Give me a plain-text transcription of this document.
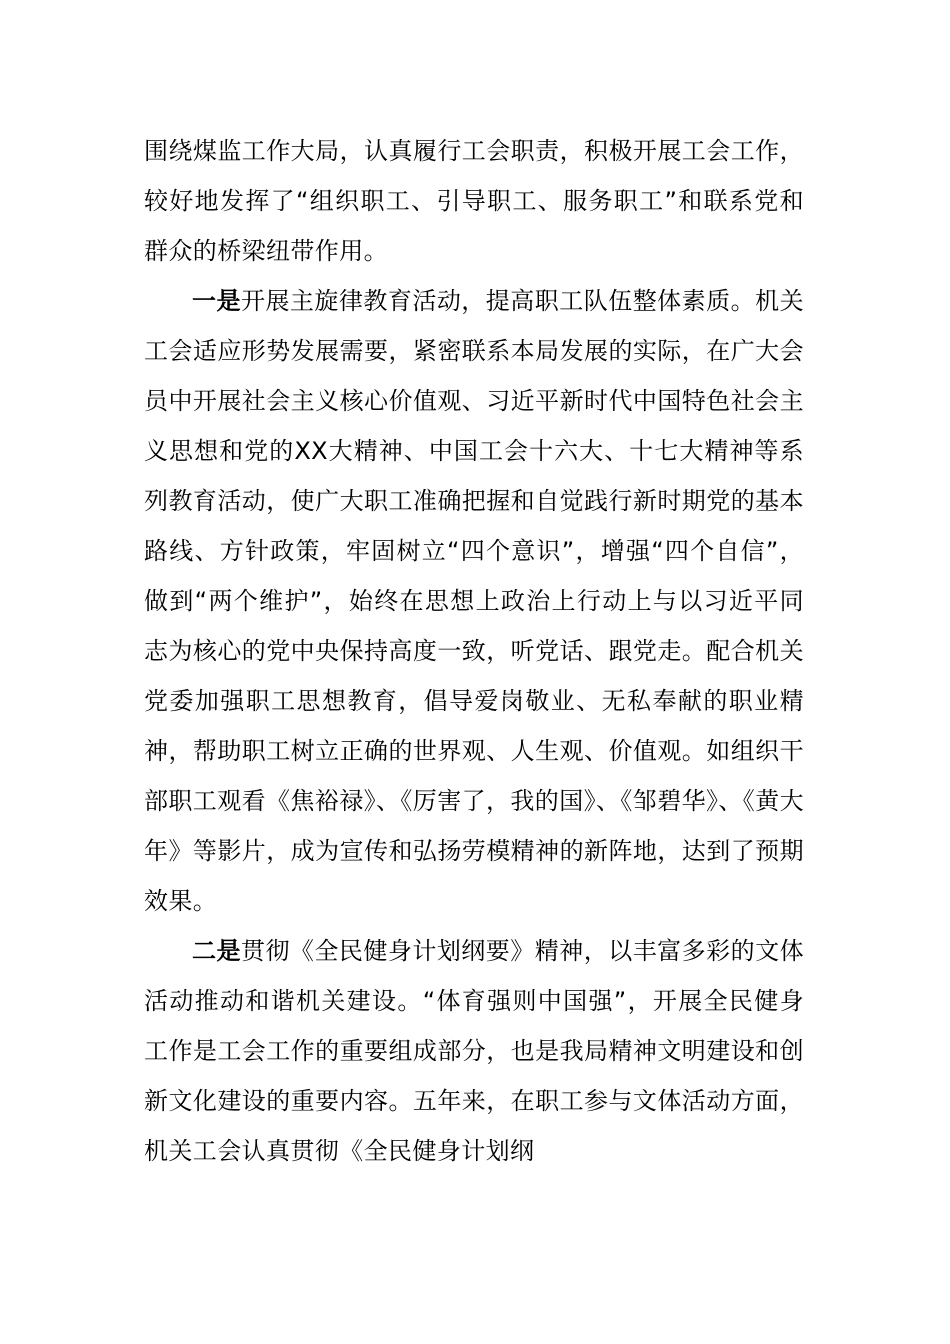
围绕煤监工作大局，认真履行工会职责，积极开展工会工作，较好地发挥了“组织职工、引导职工、服务职工”和联系党和群众的桥梁纽带作用。

一是开展主旋律教育活动，提高职工队伍整体素质。机关工会适应形势发展需要，紧密联系本局发展的实际，在广大会员中开展社会主义核心价值观、习近平新时代中国特色社会主义思想和党的XX大精神、中国工会十六大、十七大精神等系列教育活动，使广大职工准确把握和自觉践行新时期党的基本路线、方针政策，牢固树立“四个意识”，增强“四个自信”，做到“两个维护”，始终在思想上政治上行动上与以习近平同志为核心的党中央保持高度一致，听党话、跟党走。配合机关党委加强职工思想教育，倡导爱岗敬业、无私奉献的职业精神，帮助职工树立正确的世界观、人生观、价值观。如组织干部职工观看《焦裕禄》、《厉害了，我的国》、《邹碧华》、《黄大年》等影片，成为宣传和弘扬劳模精神的新阵地，达到了预期效果。

二是贯彻《全民健身计划纲要》精神，以丰富多彩的文体活动推动和谐机关建设。“体育强则中国强”，开展全民健身工作是工会工作的重要组成部分，也是我局精神文明建设和创新文化建设的重要内容。五年来，在职工参与文体活动方面，机关工会认真贯彻《全民健身计划纲
